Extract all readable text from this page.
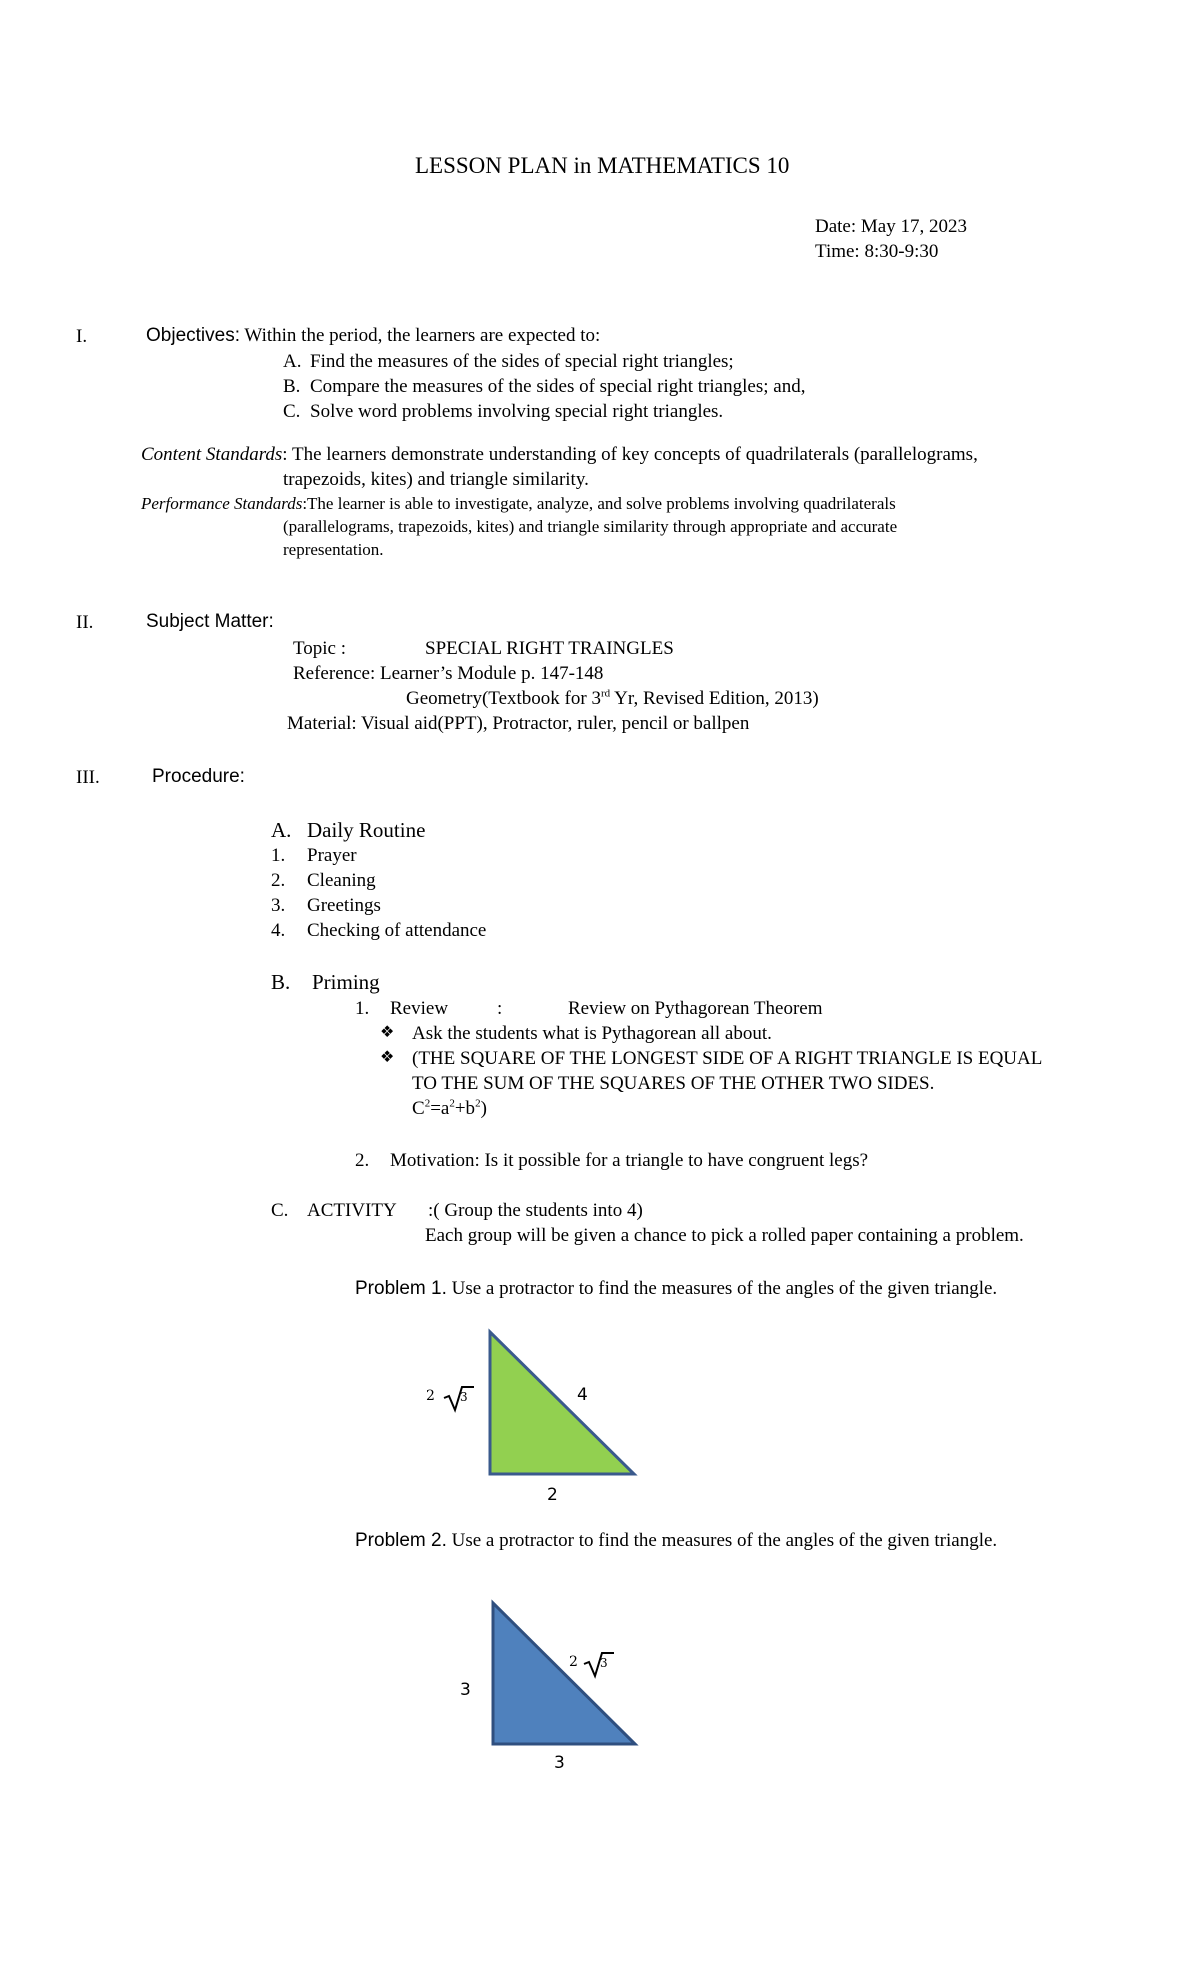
LESSON PLAN in MATHEMATICS 10
Date: May 17, 2023
Time: 8:30-9:30
I.	Objectives: Within the period, the learners are expected to:
A. Find the measures of the sides of special right triangles;
B. Compare the measures of the sides of special right triangles; and,
C. Solve word problems involving special right triangles.
Content Standards: The learners demonstrate understanding of key concepts of quadrilaterals (parallelograms,
trapezoids, kites) and triangle similarity.
Performance Standards:The learner is able to investigate, analyze, and solve problems involving quadrilaterals
(parallelograms, trapezoids, kites) and triangle similarity through appropriate and accurate
representation.
II.	Subject Matter:
Topic :	SPECIAL RIGHT TRAINGLES
Reference: Learner’s Module p. 147-148
Geometry(Textbook for 3rd Yr, Revised Edition, 2013)
Material: Visual aid(PPT), Protractor, ruler, pencil or ballpen
III.	Procedure:
A. Daily Routine
1. Prayer
2. Cleaning
3. Greetings
4. Checking of attendance
B. Priming
1. Review	:	Review on Pythagorean Theorem
❖ Ask the students what is Pythagorean all about.
❖ (THE SQUARE OF THE LONGEST SIDE OF A RIGHT TRIANGLE IS EQUAL
TO THE SUM OF THE SQUARES OF THE OTHER TWO SIDES.
$C^2=a^2+b^2$)
2. Motivation: Is it possible for a triangle to have congruent legs?
C. ACTIVITY :( Group the students into 4)
Each group will be given a chance to pick a rolled paper containing a problem.
Problem 1. Use a protractor to find the measures of the angles of the given triangle.
2 3	4
2
Problem 2. Use a protractor to find the measures of the angles of the given triangle.
3
2 3
3
